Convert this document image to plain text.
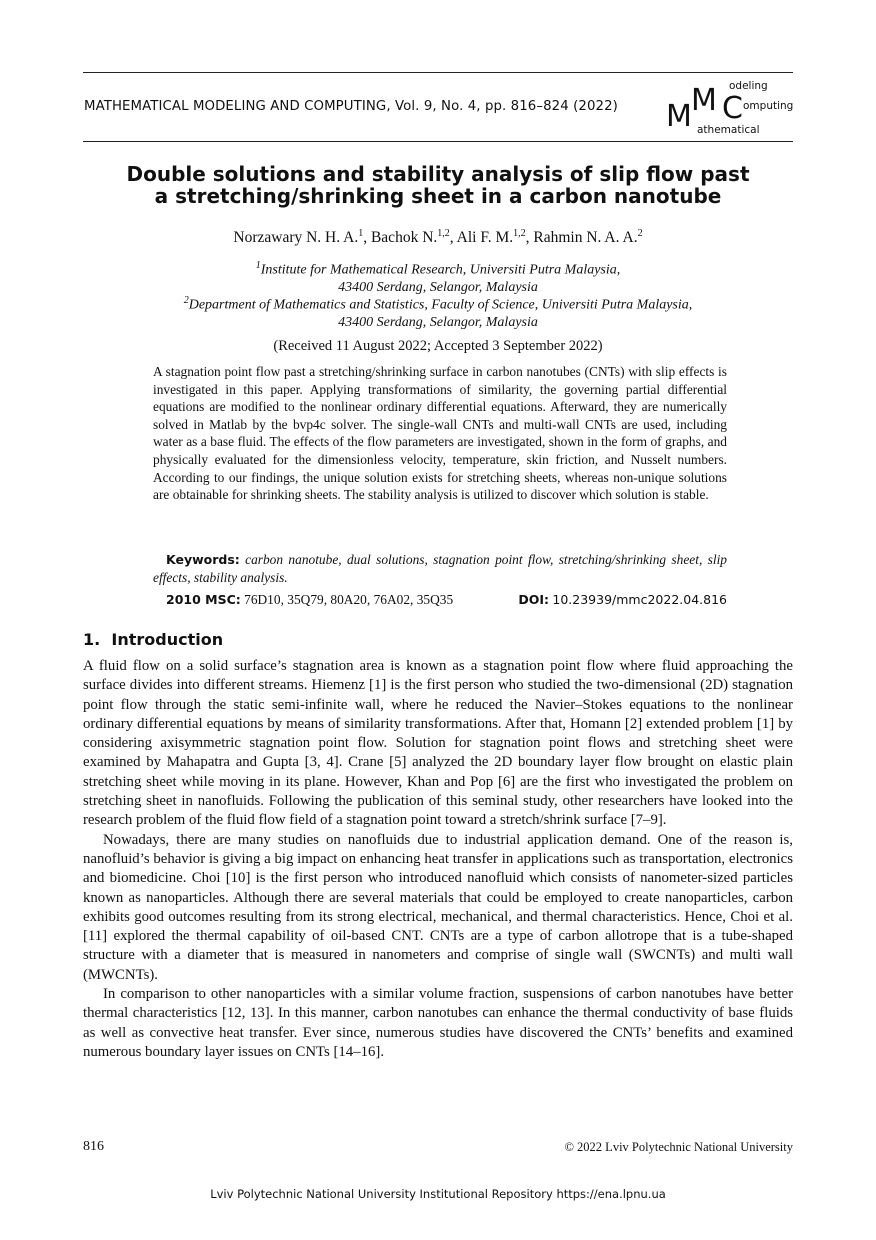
MATHEMATICAL MODELING AND COMPUTING, Vol. 9, No. 4, pp. 816–824 (2022) M M C
odeling
omputing
athematical
Double solutions and stability analysis of slip flow past
a stretching/shrinking sheet in a carbon nanotube
Norzawary N. H. A.$^1$, Bachok N.$^{1,2}$, Ali F. M.$^{1,2}$, Rahmin N. A. A.$^2$
$^1$Institute for Mathematical Research, Universiti Putra Malaysia,
43400 Serdang, Selangor, Malaysia
$^2$Department of Mathematics and Statistics, Faculty of Science, Universiti Putra Malaysia,
43400 Serdang, Selangor, Malaysia
(Received 11 August 2022; Accepted 3 September 2022)
A stagnation point flow past a stretching/shrinking surface in carbon nanotubes (CNTs) with slip effects is investigated in this paper. Applying transformations of similarity, the governing partial differential equations are modified to the nonlinear ordinary differential equations. Afterward, they are numerically solved in Matlab by the bvp4c solver. The single-wall CNTs and multi-wall CNTs are used, including water as a base fluid. The effects of the flow parameters are investigated, shown in the form of graphs, and physically evaluated for the dimensionless velocity, temperature, skin friction, and Nusselt numbers. According to our findings, the unique solution exists for stretching sheets, whereas non-unique solutions are obtainable for shrinking sheets. The stability analysis is utilized to discover which solution is stable.
Keywords: carbon nanotube, dual solutions, stagnation point flow, stretching/shrinking sheet, slip effects, stability analysis.
2010 MSC: 76D10, 35Q79, 80A20, 76A02, 35Q35	DOI: 10.23939/mmc2022.04.816
1. Introduction

A fluid flow on a solid surface’s stagnation area is known as a stagnation point flow where fluid approaching the surface divides into different streams. Hiemenz [1] is the first person who studied the two-dimensional (2D) stagnation point flow through the static semi-infinite wall, where he reduced the Navier–Stokes equations to the nonlinear ordinary differential equations by means of similarity transformations. After that, Homann [2] extended problem [1] by considering axisymmetric stagnation point flow. Solution for stagnation point flows and stretching sheet were examined by Mahapatra and Gupta [3, 4]. Crane [5] analyzed the 2D boundary layer flow brought on elastic plain stretching sheet while moving in its plane. However, Khan and Pop [6] are the first who investigated the problem on stretching sheet in nanofluids. Following the publication of this seminal study, other researchers have looked into the research problem of the fluid flow field of a stagnation point toward a stretch/shrink surface [7–9].

Nowadays, there are many studies on nanofluids due to industrial application demand. One of the reason is, nanofluid’s behavior is giving a big impact on enhancing heat transfer in applications such as transportation, electronics and biomedicine. Choi [10] is the first person who introduced nanofluid which consists of nanometer-sized particles known as nanoparticles. Although there are several materials that could be employed to create nanoparticles, carbon exhibits good outcomes resulting from its strong electrical, mechanical, and thermal characteristics. Hence, Choi et al. [11] explored the thermal capability of oil-based CNT. CNTs are a type of carbon allotrope that is a tube-shaped structure with a diameter that is measured in nanometers and comprise of single wall (SWCNTs) and multi wall (MWCNTs).

In comparison to other nanoparticles with a similar volume fraction, suspensions of carbon nanotubes have better thermal characteristics [12, 13]. In this manner, carbon nanotubes can enhance the thermal conductivity of base fluids as well as convective heat transfer. Ever since, numerous studies have discovered the CNTs’ benefits and examined numerous boundary layer issues on CNTs [14–16].

816	© 2022 Lviv Polytechnic National University
Lviv Polytechnic National University Institutional Repository https://ena.lpnu.ua
